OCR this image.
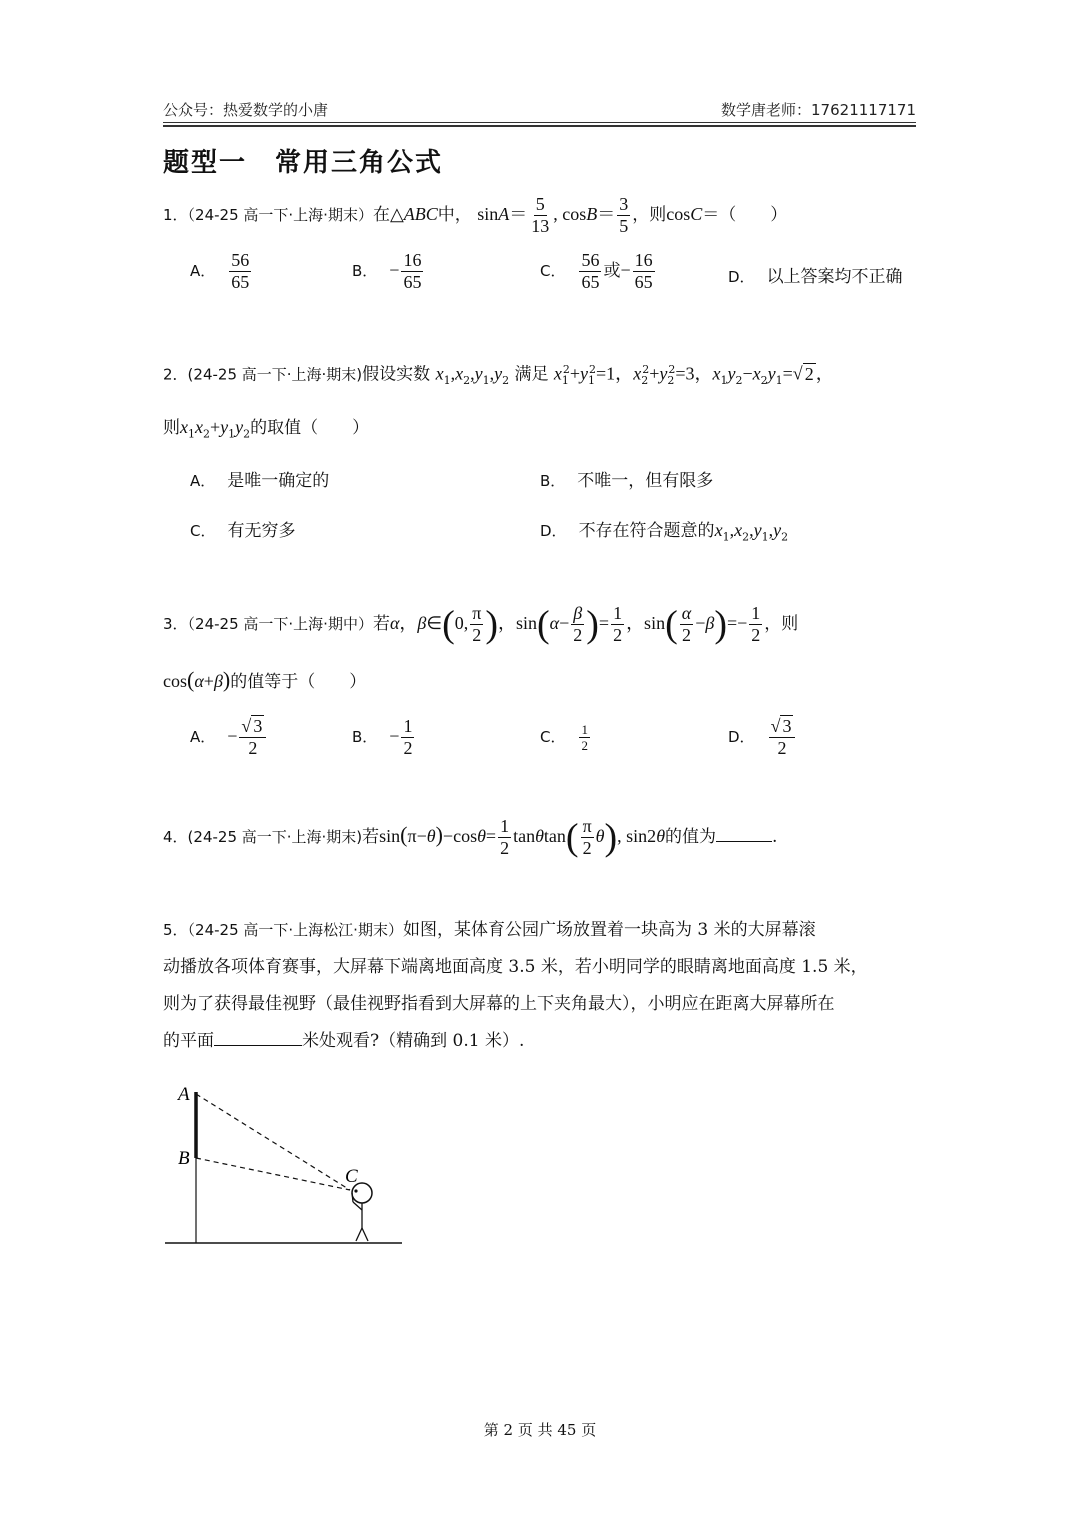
公众号：热爱数学的小唐	数学唐老师：17621117171
题型一　常用三角公式
1．（24-25 高一下·上海·期末）在△ABC中， $\sin A= \frac{5}{13}$ , $\cos B= \frac{3}{5}$ ，则cosC＝（　　）
A． $\frac{56}{65}$	B． − $\frac{16}{65}$	C． $\frac{56}{65}$ 或− $\frac{16}{65}$	D． 以上答案均不正确
2．(24-25 高一下·上海·期末)假设实数 $x_1,x_2,y_1,y_2$ 满足 $x_1^2+y_1^2=1$，$x_2^2+y_2^2=3$，$x_1y_2-x_2y_1=√$ 2 ，
则$x_1x_2+y_1y_2$的取值（　　）
A． 是唯一确定的	B． 不唯一，但有限多
C． 有无穷多	D． 不存在符合题意的$x_1,x_2,y_1,y_2$
3．（24-25 高一下·上海·期中）若α，β∈(0, $\frac{\pi}{2}$ )，$\sin(\alpha- \frac{\beta}{2}$ )= $\frac{1}{2}$ ，$\sin( \frac{\alpha}{2} -\beta)=- \frac{1}{2}$ ，则
cos(α+β)的值等于（　　）
A． − $\frac{√ 3}{2}$	B． − $\frac{1}{2}$	C． $\frac{1}{2}$	D． $\frac{√ 3}{2}$
4．(24-25 高一下·上海·期末)若$\sin(\pi-\theta)-\cos\theta= \frac{1}{2} \tan\theta\tan( \frac{\pi}{2} \theta)$, sin2θ的值为	.
5．（24-25 高一下·上海松江·期末）如图，某体育公园广场放置着一块高为 3 米的大屏幕滚
动播放各项体育赛事，大屏幕下端离地面高度 3.5 米，若小明同学的眼睛离地面高度 1.5 米，
则为了获得最佳视野（最佳视野指看到大屏幕的上下夹角最大），小明应在距离大屏幕所在
的平面	米处观看?（精确到 0.1 米）.
A
B
C
第 2 页 共 45 页
